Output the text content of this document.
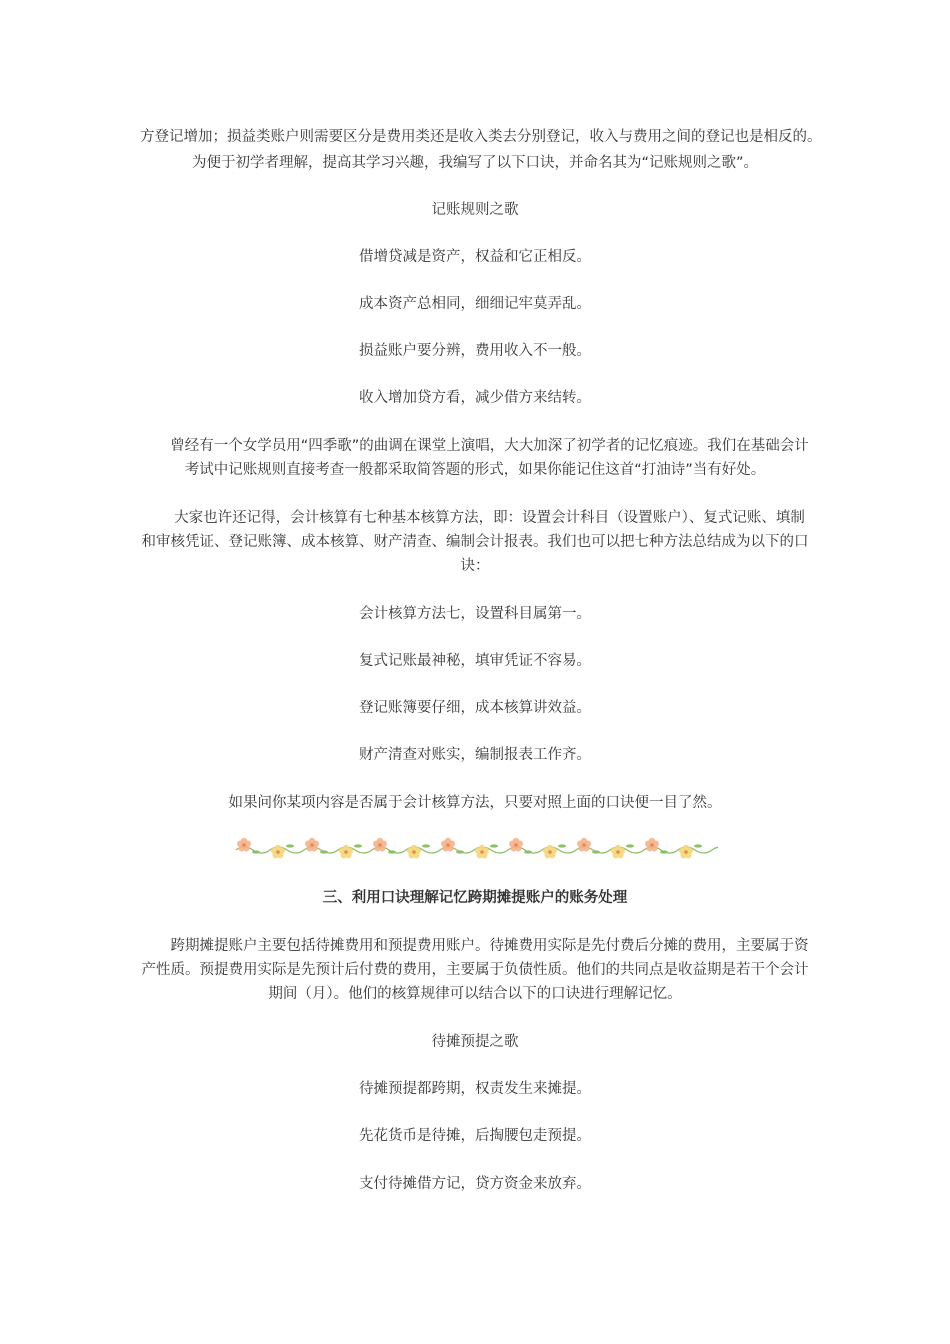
方登记增加；损益类账户则需要区分是费用类还是收入类去分别登记，收入与费用之间的登记也是相反的。
为便于初学者理解，提高其学习兴趣，我编写了以下口诀，并命名其为“记账规则之歌”。
记账规则之歌
借增贷减是资产，权益和它正相反。
成本资产总相同，细细记牢莫弄乱。
损益账户要分辨，费用收入不一般。
收入增加贷方看，减少借方来结转。
曾经有一个女学员用“四季歌”的曲调在课堂上演唱，大大加深了初学者的记忆痕迹。我们在基础会计考试中记账规则直接考查一般都采取简答题的形式，如果你能记住这首“打油诗”当有好处。
大家也许还记得，会计核算有七种基本核算方法，即：设置会计科目（设置账户）、复式记账、填制和审核凭证、登记账簿、成本核算、财产清查、编制会计报表。我们也可以把七种方法总结成为以下的口诀：
会计核算方法七，设置科目属第一。
复式记账最神秘，填审凭证不容易。
登记账簿要仔细，成本核算讲效益。
财产清查对账实，编制报表工作齐。
如果问你某项内容是否属于会计核算方法，只要对照上面的口诀便一目了然。
三、利用口诀理解记忆跨期摊提账户的账务处理
跨期摊提账户主要包括待摊费用和预提费用账户。待摊费用实际是先付费后分摊的费用，主要属于资产性质。预提费用实际是先预计后付费的费用，主要属于负债性质。他们的共同点是收益期是若干个会计期间（月）。他们的核算规律可以结合以下的口诀进行理解记忆。
待摊预提之歌
待摊预提都跨期，权责发生来摊提。
先花货币是待摊，后掏腰包走预提。
支付待摊借方记，贷方资金来放弃。
